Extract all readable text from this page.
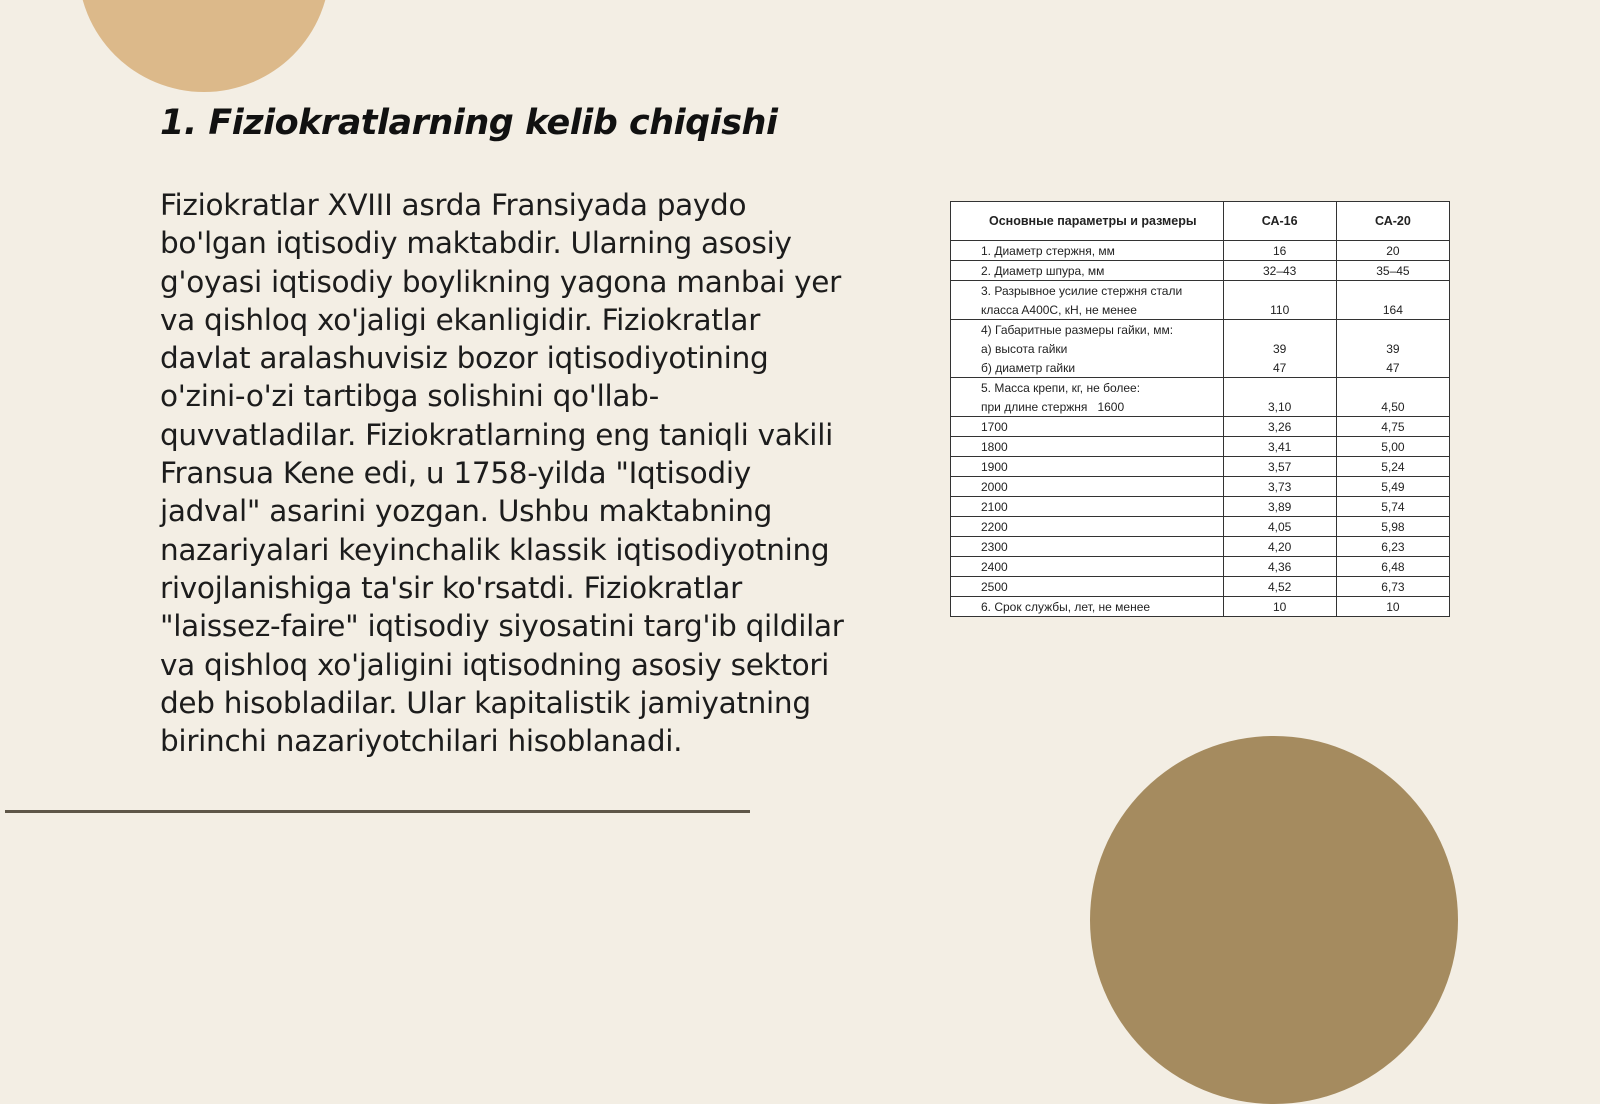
1. Fiziokratlarning kelib chiqishi

Fiziokratlar XVIII asrda Fransiyada paydo bo'lgan iqtisodiy maktabdir. Ularning asosiy g'oyasi iqtisodiy boylikning yagona manbai yer va qishloq xo'jaligi ekanligidir. Fiziokratlar davlat aralashuvisiz bozor iqtisodiyotining o'zini-o'zi tartibga solishini qo'llab-quvvatladilar. Fiziokratlarning eng taniqli vakili Fransua Kene edi, u 1758-yilda "Iqtisodiy jadval" asarini yozgan. Ushbu maktabning nazariyalari keyinchalik klassik iqtisodiyotning rivojlanishiga ta'sir ko'rsatdi. Fiziokratlar "laissez-faire" iqtisodiy siyosatini targ'ib qildilar va qishloq xo'jaligini iqtisodning asosiy sektori deb hisobladilar. Ular kapitalistik jamiyatning birinchi nazariyotchilari hisoblanadi.

Основные параметры и размеры	СА-16	СА-20
1. Диаметр стержня, мм	16	20
2. Диаметр шпура, мм	32–43	35–45
3. Разрывное усилие стержня стали		
классa A400C, кН, не менее	110	164
4) Габаритные размеры гайки, мм:		
а) высота гайки	39	39
б) диаметр гайки	47	47
5. Масса крепи, кг, не более:		
при длине стержня 1600	3,10	4,50
1700	3,26	4,75
1800	3,41	5,00
1900	3,57	5,24
2000	3,73	5,49
2100	3,89	5,74
2200	4,05	5,98
2300	4,20	6,23
2400	4,36	6,48
2500	4,52	6,73
6. Срок службы, лет, не менее	10	10
